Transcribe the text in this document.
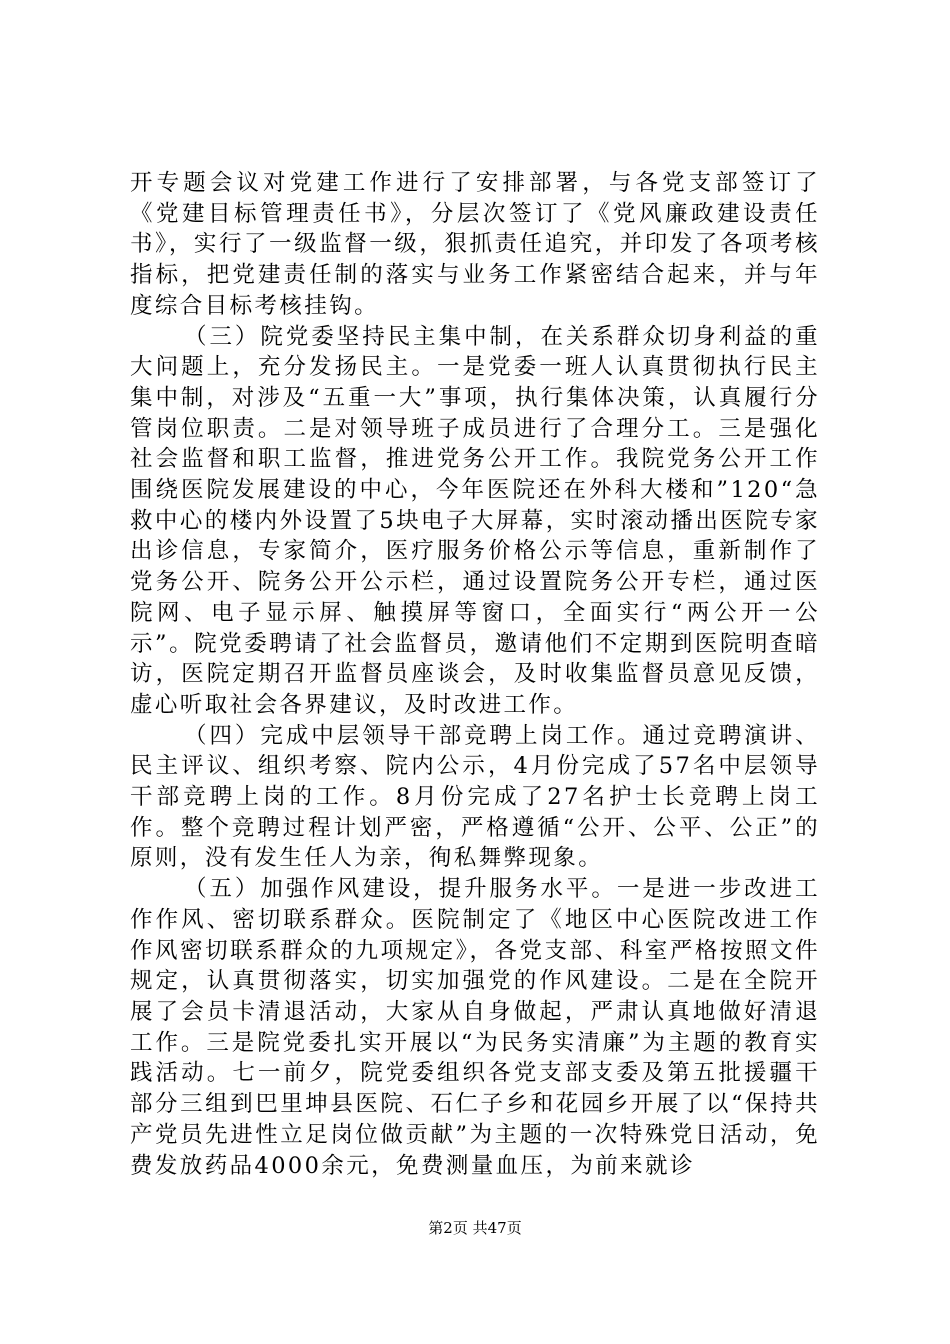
开专题会议对党建工作进行了安排部署，与各党支部签订了《党建目标管理责任书》，分层次签订了《党风廉政建设责任书》，实行了一级监督一级，狠抓责任追究，并印发了各项考核指标，把党建责任制的落实与业务工作紧密结合起来，并与年度综合目标考核挂钩。

（三）院党委坚持民主集中制，在关系群众切身利益的重大问题上，充分发扬民主。一是党委一班人认真贯彻执行民主集中制，对涉及“五重一大”事项，执行集体决策，认真履行分管岗位职责。二是对领导班子成员进行了合理分工。三是强化社会监督和职工监督，推进党务公开工作。我院党务公开工作围绕医院发展建设的中心，今年医院还在外科大楼和”120“急救中心的楼内外设置了5块电子大屏幕，实时滚动播出医院专家出诊信息，专家简介，医疗服务价格公示等信息，重新制作了党务公开、院务公开公示栏，通过设置院务公开专栏，通过医院网、电子显示屏、触摸屏等窗口，全面实行“两公开一公示”。院党委聘请了社会监督员，邀请他们不定期到医院明查暗访，医院定期召开监督员座谈会，及时收集监督员意见反馈，虚心听取社会各界建议，及时改进工作。

（四）完成中层领导干部竞聘上岗工作。通过竞聘演讲、民主评议、组织考察、院内公示，4月份完成了57名中层领导干部竞聘上岗的工作。8月份完成了27名护士长竞聘上岗工作。整个竞聘过程计划严密，严格遵循“公开、公平、公正”的原则，没有发生任人为亲，徇私舞弊现象。

（五）加强作风建设，提升服务水平。一是进一步改进工作作风、密切联系群众。医院制定了《地区中心医院改进工作作风密切联系群众的九项规定》，各党支部、科室严格按照文件规定，认真贯彻落实，切实加强党的作风建设。二是在全院开展了会员卡清退活动，大家从自身做起，严肃认真地做好清退工作。三是院党委扎实开展以“为民务实清廉”为主题的教育实践活动。七一前夕，院党委组织各党支部支委及第五批援疆干部分三组到巴里坤县医院、石仁子乡和花园乡开展了以“保持共产党员先进性立足岗位做贡献”为主题的一次特殊党日活动，免费发放药品4000余元，免费测量血压，为前来就诊

第2页 共47页
